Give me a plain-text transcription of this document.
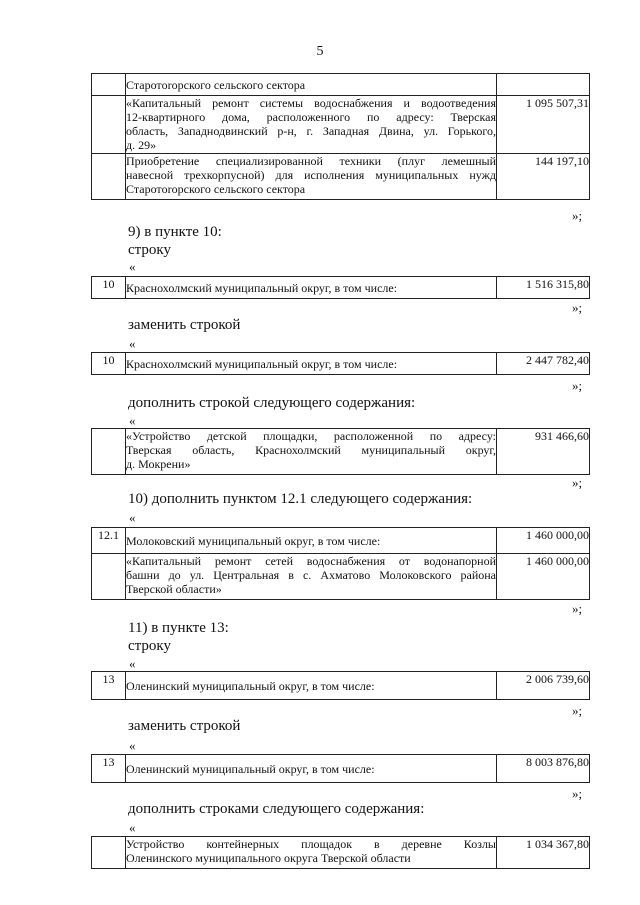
5
	Старотoropского сельского сектора	

	«Капитальный ремонт системы водоснабжения и водоотведения
12-квартирного дома, расположенного по адресу: Тверская
область, Западнодвинский р-н, г. Западная Двина, ул. Горького,
д. 29»	1 095 507,31

	Приобретение специализированной техники (плуг лемешный
навесной трехкорпусной) для исполнения муниципальных нужд
Старотoropского сельского сектора	144 197,10
»;
9) в пункте 10:
строку
«
10	Краснохолмский муниципальный округ, в том числе:	1 516 315,80
»;
заменить строкой
«
10	Краснохолмский муниципальный округ, в том числе:	2 447 782,40
»;
дополнить строкой следующего содержания:
«

«Устройство детской площадки, расположенной по адресу:
Тверская область, Краснохолмский муниципальный округ,
д. Мокрени»
	931 466,60
»;
10) дополнить пунктом 12.1 следующего содержания:
«
12.1	Молоковский муниципальный округ, в том числе:	1 460 000,00

	«Капитальный ремонт сетей водоснабжения от водонапорной
башни до ул. Центральная в с. Ахматово Молоковского района
Тверской области»	1 460 000,00
»;
11) в пункте 13:
строку
«
13	Оленинский муниципальный округ, в том числе:	2 006 739,60
»;
заменить строкой
«
13	Оленинский муниципальный округ, в том числе:	8 003 876,80
»;
дополнить строками следующего содержания:
«

Устройство контейнерных площадок в деревне Козлы
Оленинского муниципального округа Тверской области
	1 034 367,80
